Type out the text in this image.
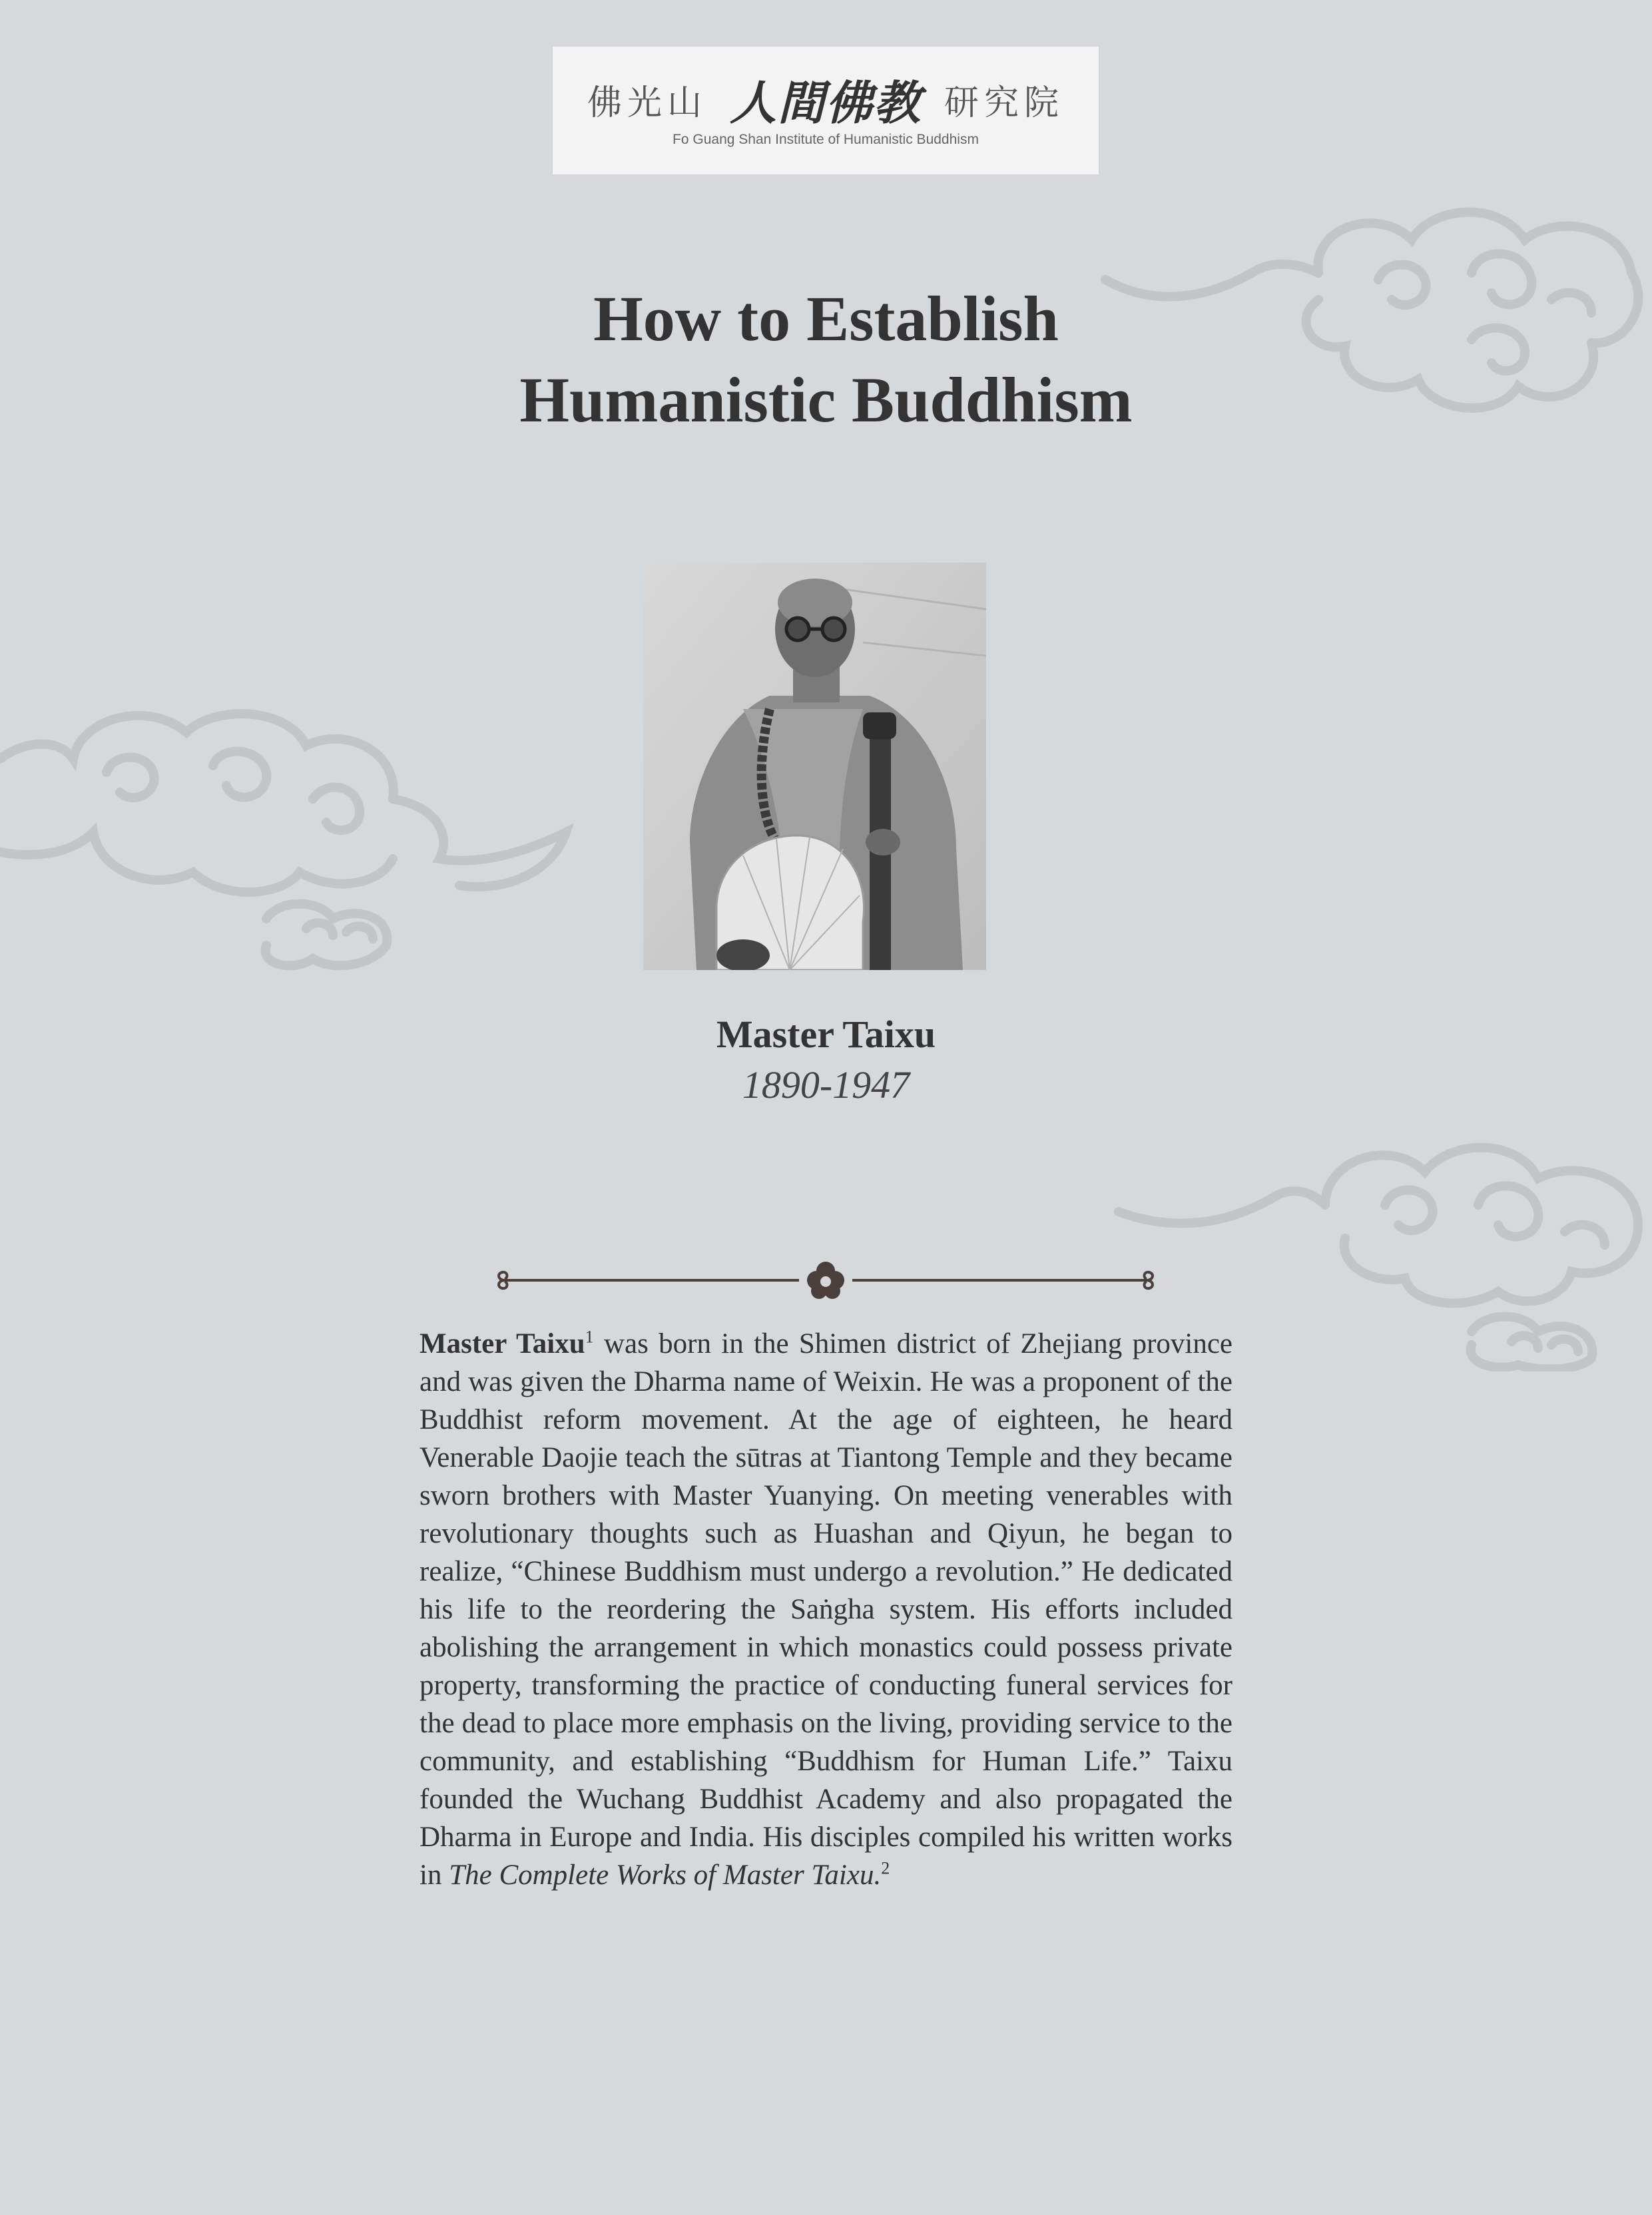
佛光山 人間佛教 研究院
Fo Guang Shan Institute of Humanistic Buddhism
How to Establish
Humanistic Buddhism
Master Taixu
1890-1947
Master Taixu$^1$ was born in the Shimen district of Zhejiang province and was given the Dharma name of Weixin. He was a proponent of the Buddhist reform movement. At the age of eighteen, he heard Venerable Daojie teach the sūtras at Tiantong Temple and they became sworn brothers with Master Yuanying. On meeting venerables with revolutionary thoughts such as Huashan and Qiyun, he began to realize, “Chinese Buddhism must undergo a revolution.” He dedicated his life to the reordering the Saṅgha system. His efforts included abolishing the arrangement in which monastics could possess private property, transforming the practice of conducting funeral services for the dead to place more emphasis on the living, providing service to the community, and establishing “Buddhism for Human Life.” Taixu founded the Wuchang Buddhist Academy and also propagated the Dharma in Europe and India. His disciples compiled his written works in The Complete Works of Master Taixu.$^2$
